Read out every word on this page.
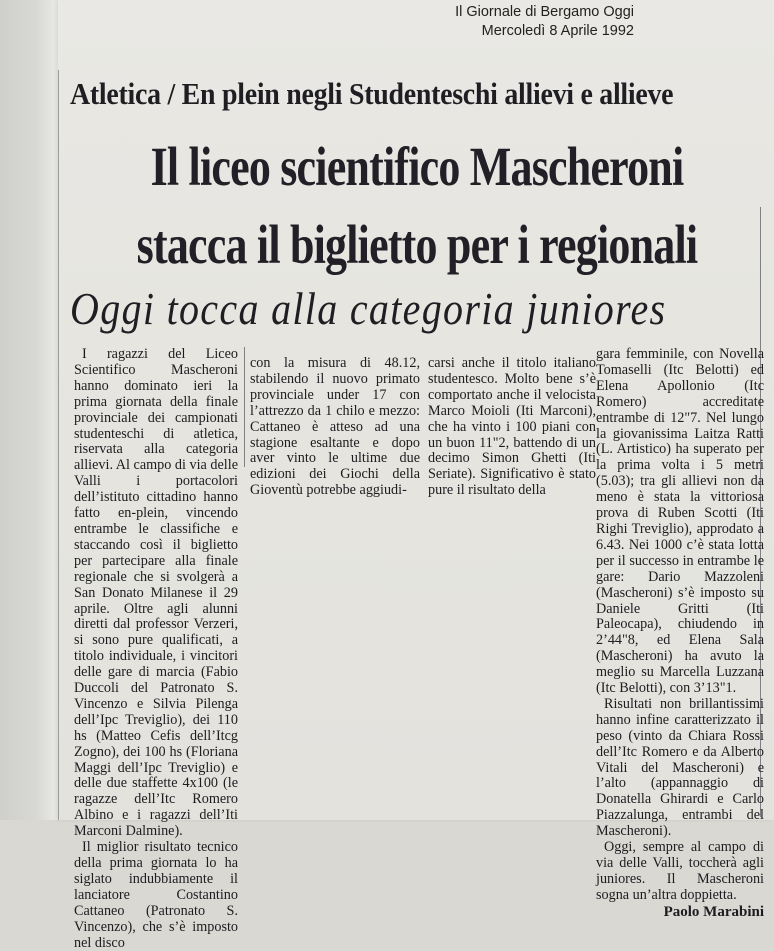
Il Giornale di Bergamo Oggi
Mercoledì 8 Aprile 1992
Atletica / En plein negli Studenteschi allievi e allieve
Il liceo scientifico Mascheroni
stacca il biglietto per i regionali
Oggi tocca alla categoria juniores

I ragazzi del Liceo Scientifico Mascheroni hanno dominato ieri la prima giornata della finale provinciale dei campionati studenteschi di atletica, riservata alla categoria allievi. Al campo di via delle Valli i portacolori dell’istituto cittadino hanno fatto en-plein, vincendo entrambe le classifiche e staccando così il biglietto per partecipare alla finale regionale che si svolgerà a San Donato Milanese il 29 aprile. Oltre agli alunni diretti dal professor Verzeri, si sono pure qualificati, a titolo individuale, i vincitori delle gare di marcia (Fabio Duccoli del Patronato S. Vincenzo e Silvia Pilenga dell’Ipc Treviglio), dei 110 hs (Matteo Cefis dell’Itcg Zogno), dei 100 hs (Floriana Maggi dell’Ipc Treviglio) e delle due staffette 4x100 (le ragazze dell’Itc Romero Albino e i ragazzi dell’Iti Marconi Dalmine).

Il miglior risultato tecnico della prima giornata lo ha siglato indubbiamente il lanciatore Costantino Cattaneo (Patronato S. Vincenzo), che s’è imposto nel disco

con la misura di 48.12, stabilendo il nuovo primato provinciale under 17 con l’attrezzo da 1 chilo e mezzo: Cattaneo è atteso ad una stagione esaltante e dopo aver vinto le ultime due edizioni dei Giochi della Gioventù potrebbe aggiudi-

carsi anche il titolo italiano studentesco. Molto bene s’è comportato anche il velocista Marco Moioli (Iti Marconi), che ha vinto i 100 piani con un buon 11"2, battendo di un decimo Simon Ghetti (Iti Seriate). Significativo è stato pure il risultato della

gara femminile, con Novella Tomaselli (Itc Belotti) ed Elena Apollonio (Itc Romero) accreditate entrambe di 12"7. Nel lungo la giovanissima Laitza Ratti (L. Artistico) ha superato per la prima volta i 5 metri (5.03); tra gli allievi non da meno è stata la vittoriosa prova di Ruben Scotti (Iti Righi Treviglio), approdato a 6.43. Nei 1000 c’è stata lotta per il successo in entrambe le gare: Dario Mazzoleni (Mascheroni) s’è imposto su Daniele Gritti (Iti Paleocapa), chiudendo in 2’44"8, ed Elena Sala (Mascheroni) ha avuto la meglio su Marcella Luzzana (Itc Belotti), con 3’13"1.

Risultati non brillantissimi hanno infine caratterizzato il peso (vinto da Chiara Rossi dell’Itc Romero e da Alberto Vitali del Mascheroni) e l’alto (appannaggio di Donatella Ghirardi e Carlo Piazzalunga, entrambi del Mascheroni).

Oggi, sempre al campo di via delle Valli, toccherà agli juniores. Il Mascheroni sogna un’altra doppietta.

Paolo Marabini
